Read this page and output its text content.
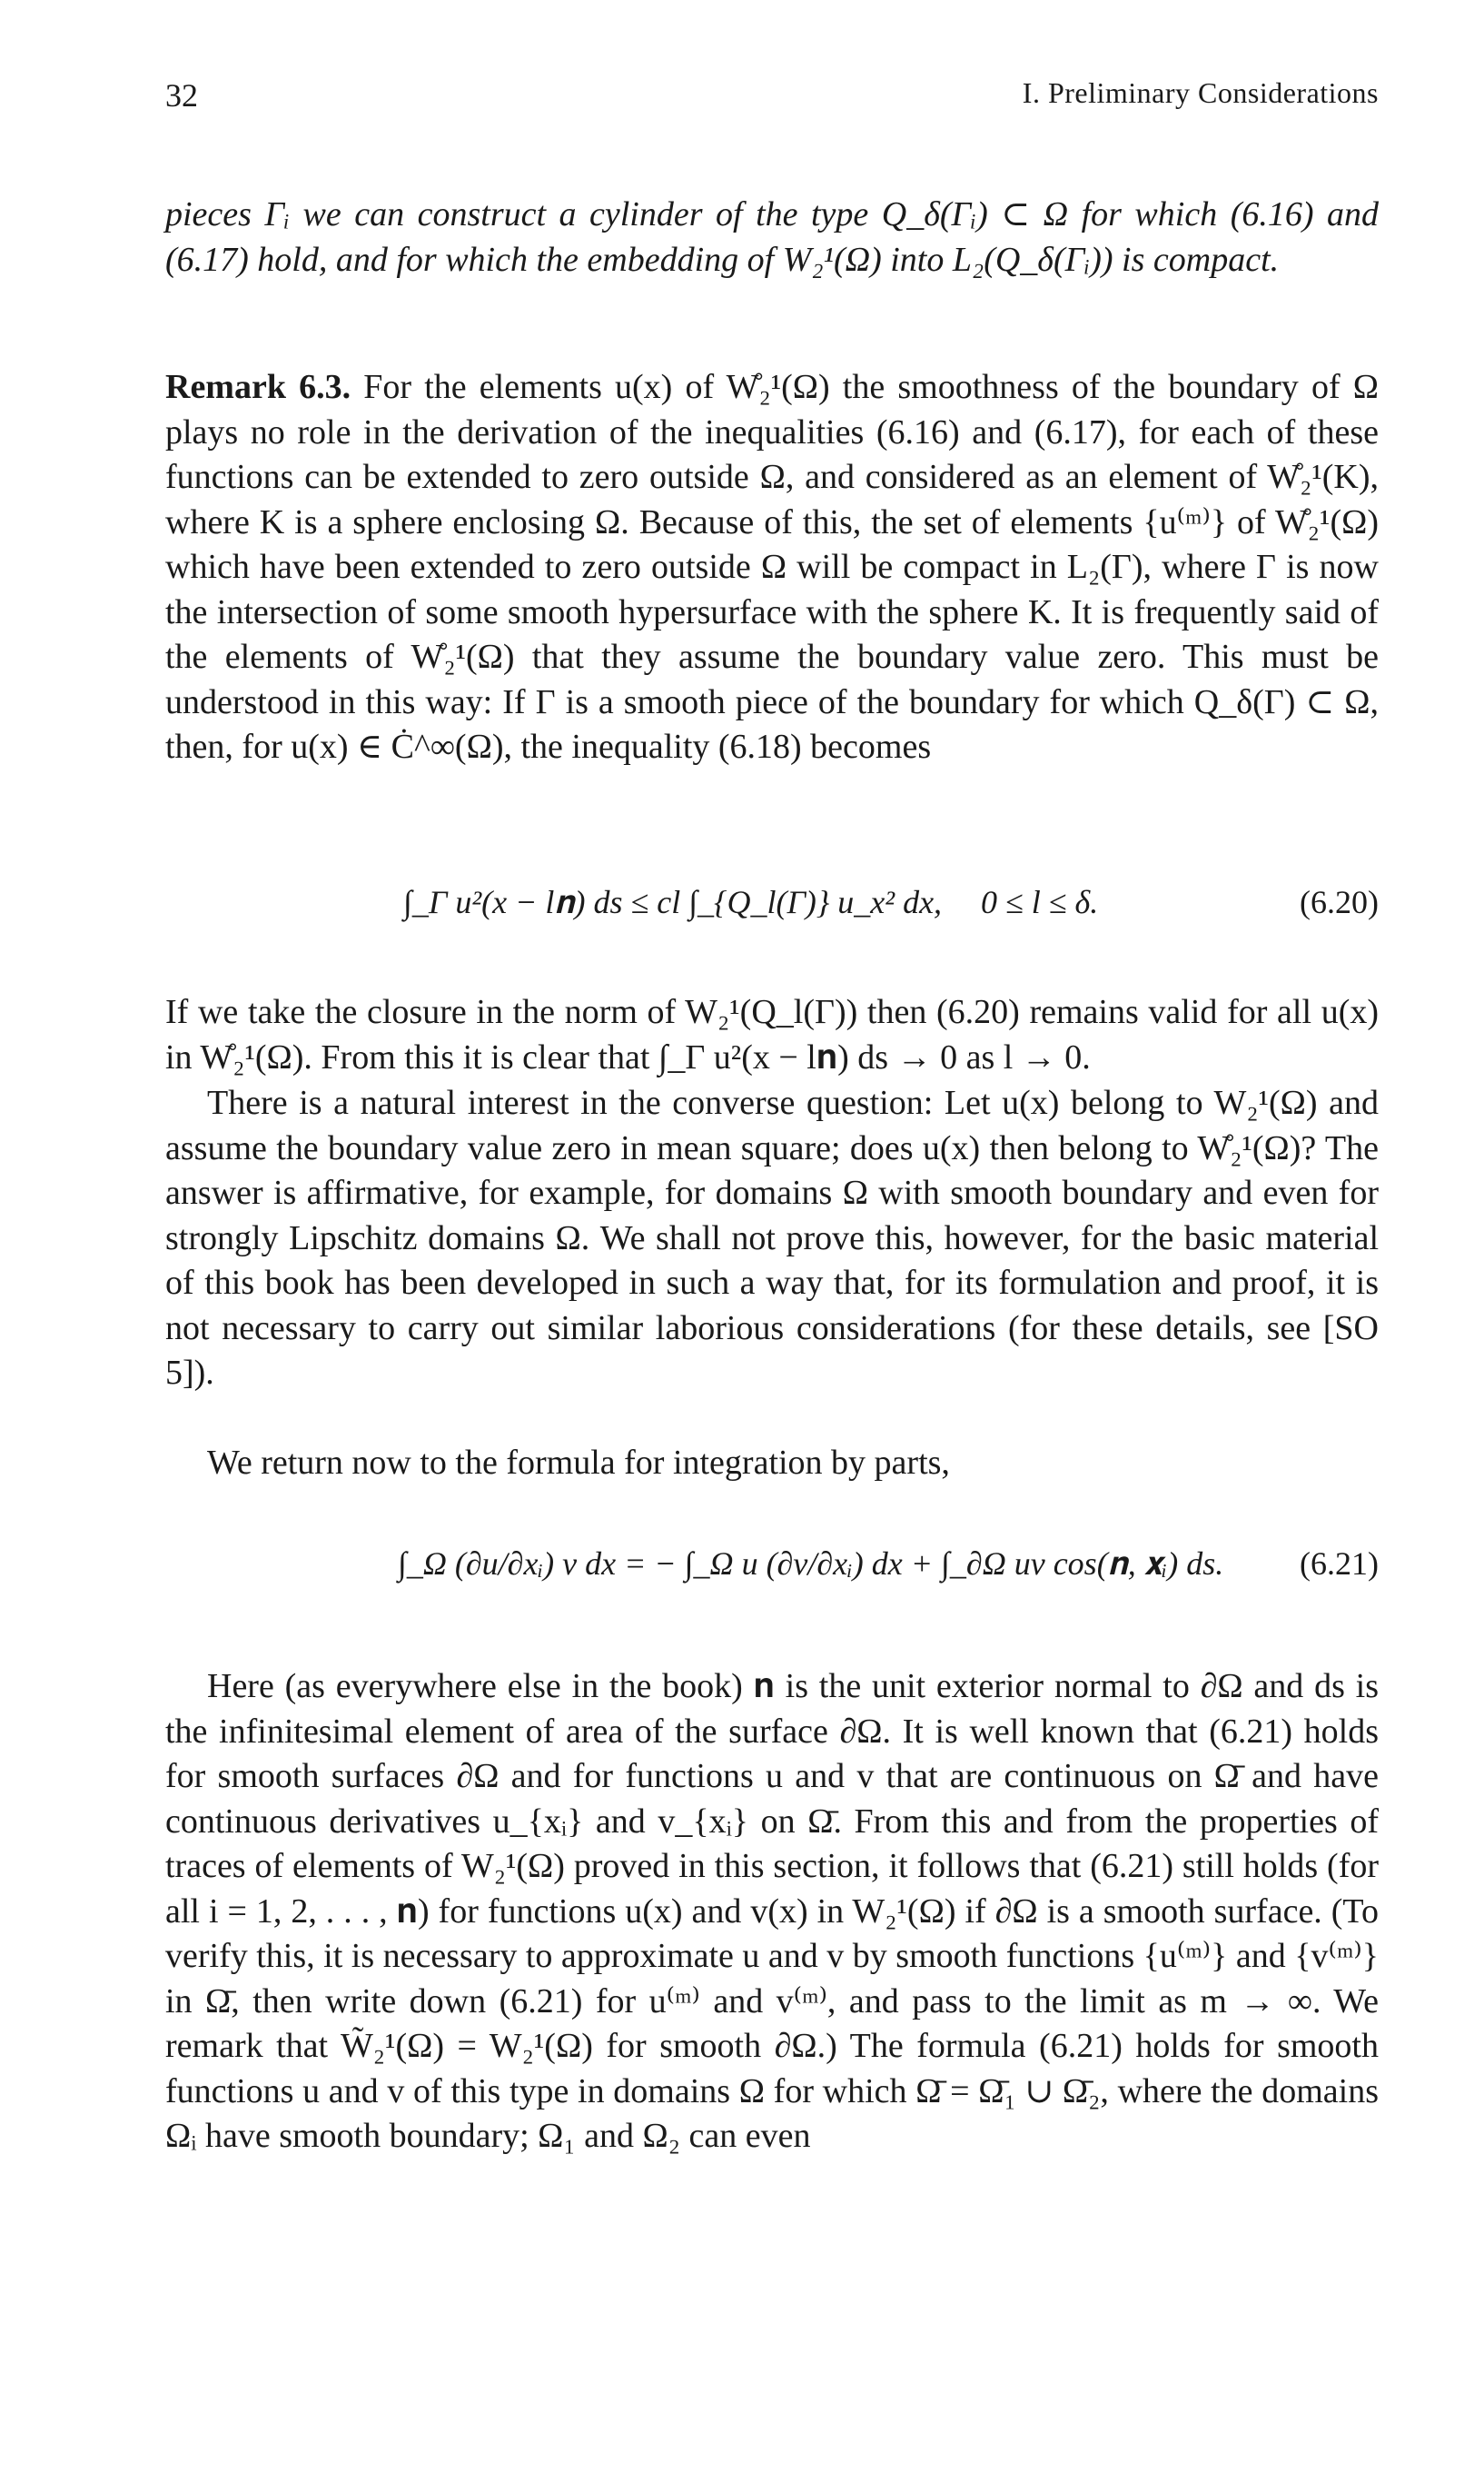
32	I. Preliminary Considerations

pieces Γᵢ we can construct a cylinder of the type Q_δ(Γᵢ) ⊂ Ω for which (6.16) and (6.17) hold, and for which the embedding of W₂¹(Ω) into L₂(Q_δ(Γᵢ)) is compact.

Remark 6.3. For the elements u(x) of W̊₂¹(Ω) the smoothness of the boundary of Ω plays no role in the derivation of the inequalities (6.16) and (6.17), for each of these functions can be extended to zero outside Ω, and considered as an element of W̊₂¹(K), where K is a sphere enclosing Ω. Because of this, the set of elements {u⁽ᵐ⁾} of W̊₂¹(Ω) which have been extended to zero outside Ω will be compact in L₂(Γ), where Γ is now the intersection of some smooth hypersurface with the sphere K. It is frequently said of the elements of W̊₂¹(Ω) that they assume the boundary value zero. This must be understood in this way: If Γ is a smooth piece of the boundary for which Q_δ(Γ) ⊂ Ω, then, for u(x) ∈ Ċ^∞(Ω), the inequality (6.18) becomes

∫_Γ u²(x − l𝐧) ds ≤ cl ∫_{Q_l(Γ)} u_x² dx, 0 ≤ l ≤ δ.	(6.20)

If we take the closure in the norm of W₂¹(Q_l(Γ)) then (6.20) remains valid for all u(x) in W̊₂¹(Ω). From this it is clear that ∫_Γ u²(x − l𝐧) ds → 0 as l → 0.

There is a natural interest in the converse question: Let u(x) belong to W₂¹(Ω) and assume the boundary value zero in mean square; does u(x) then belong to W̊₂¹(Ω)? The answer is affirmative, for example, for domains Ω with smooth boundary and even for strongly Lipschitz domains Ω. We shall not prove this, however, for the basic material of this book has been developed in such a way that, for its formulation and proof, it is not necessary to carry out similar laborious considerations (for these details, see [SO 5]).

We return now to the formula for integration by parts,

∫_Ω (∂u/∂xᵢ) v dx = − ∫_Ω u (∂v/∂xᵢ) dx + ∫_∂Ω uv cos(𝐧, 𝐱ᵢ) ds. (6.21)

Here (as everywhere else in the book) 𝐧 is the unit exterior normal to ∂Ω and ds is the infinitesimal element of area of the surface ∂Ω. It is well known that (6.21) holds for smooth surfaces ∂Ω and for functions u and v that are continuous on Ω̄ and have continuous derivatives u_{xᵢ} and v_{xᵢ} on Ω̄. From this and from the properties of traces of elements of W₂¹(Ω) proved in this section, it follows that (6.21) still holds (for all i = 1, 2, . . . , 𝐧) for functions u(x) and v(x) in W₂¹(Ω) if ∂Ω is a smooth surface. (To verify this, it is necessary to approximate u and v by smooth functions {u⁽ᵐ⁾} and {v⁽ᵐ⁾} in Ω̄, then write down (6.21) for u⁽ᵐ⁾ and v⁽ᵐ⁾, and pass to the limit as m → ∞. We remark that W̃₂¹(Ω) = W₂¹(Ω) for smooth ∂Ω.) The formula (6.21) holds for smooth functions u and v of this type in domains Ω for which Ω̄ = Ω̄₁ ∪ Ω̄₂, where the domains Ωᵢ have smooth boundary; Ω₁ and Ω₂ can even
